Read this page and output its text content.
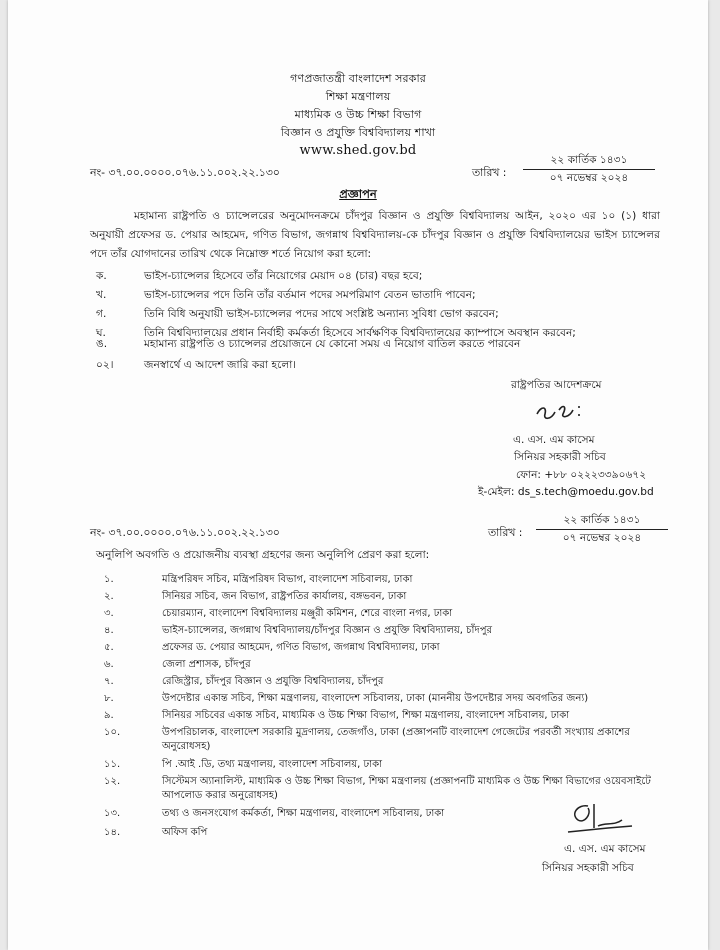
গণপ্রজাতন্ত্রী বাংলাদেশ সরকার
শিক্ষা মন্ত্রণালয়
মাধ্যমিক ও উচ্চ শিক্ষা বিভাগ
বিজ্ঞান ও প্রযুক্তি বিশ্ববিদ্যালয় শাখা
www.shed.gov.bd
নং- ৩৭.০০.০০০০.০৭৬.১১.০০২.২২.১৩০	তারিখ :
২২ কার্তিক ১৪৩১
০৭ নভেম্বর ২০২৪
প্রজ্ঞাপন
মহামান্য রাষ্ট্রপতি ও চ্যান্সেলরের অনুমোদনক্রমে চাঁদপুর বিজ্ঞান ও প্রযুক্তি বিশ্ববিদ্যালয় আইন, ২০২০ এর ১০ (১) ধারা অনুযায়ী প্রফেসর ড. পেয়ার আহমেদ, গণিত বিভাগ, জগন্নাথ বিশ্ববিদ্যালয়-কে চাঁদপুর বিজ্ঞান ও প্রযুক্তি বিশ্ববিদ্যালয়ের ভাইস চ্যান্সেলর পদে তাঁর যোগদানের তারিখ থেকে নিম্নোক্ত শর্তে নিয়োগ করা হলো:
ক.	ভাইস-চ্যান্সেলর হিসেবে তাঁর নিয়োগের মেয়াদ ০৪ (চার) বছর হবে;
খ.	ভাইস-চ্যান্সেলর পদে তিনি তাঁর বর্তমান পদের সমপরিমাণ বেতন ভাতাদি পাবেন;
গ.	তিনি বিধি অনুযায়ী ভাইস-চ্যান্সেলর পদের সাথে সংশ্লিষ্ট অন্যান্য সুবিধা ভোগ করবেন;
ঘ.	তিনি বিশ্ববিদ্যালয়ের প্রধান নির্বাহী কর্মকর্তা হিসেবে সার্বক্ষণিক বিশ্ববিদ্যালয়ের ক্যাম্পাসে অবস্থান করবেন;
ঙ.	মহামান্য রাষ্ট্রপতি ও চ্যান্সেলর প্রয়োজনে যে কোনো সময় এ নিয়োগ বাতিল করতে পারবেন
০২।	জনস্বার্থে এ আদেশ জারি করা হলো।
রাষ্ট্রপতির আদেশক্রমে
এ. এস. এম কাসেম
সিনিয়র সহকারী সচিব
ফোন: +৮৮ ০২২২৩৩৯০৬৭২
ই-মেইল: ds_s.tech@moedu.gov.bd
নং- ৩৭.০০.০০০০.০৭৬.১১.০০২.২২.১৩০	তারিখ :
২২ কার্তিক ১৪৩১
০৭ নভেম্বর ২০২৪
অনুলিপি অবগতি ও প্রয়োজনীয় ব্যবস্থা গ্রহণের জন্য অনুলিপি প্রেরণ করা হলো:
১.	মন্ত্রিপরিষদ সচিব, মন্ত্রিপরিষদ বিভাগ, বাংলাদেশ সচিবালয়, ঢাকা
২.	সিনিয়র সচিব, জন বিভাগ, রাষ্ট্রপতির কার্যালয়, বঙ্গভবন, ঢাকা
৩.	চেয়ারম্যান, বাংলাদেশ বিশ্ববিদ্যালয় মঞ্জুরী কমিশন, শেরে বাংলা নগর, ঢাকা
৪.	ভাইস-চ্যান্সেলর, জগন্নাথ বিশ্ববিদ্যালয়/চাঁদপুর বিজ্ঞান ও প্রযুক্তি বিশ্ববিদ্যালয়, চাঁদপুর
৫.	প্রফেসর ড. পেয়ার আহমেদ, গণিত বিভাগ, জগন্নাথ বিশ্ববিদ্যালয়, ঢাকা
৬.	জেলা প্রশাসক, চাঁদপুর
৭.	রেজিস্ট্রার, চাঁদপুর বিজ্ঞান ও প্রযুক্তি বিশ্ববিদ্যালয়, চাঁদপুর
৮.	উপদেষ্টার একান্ত সচিব, শিক্ষা মন্ত্রণালয়, বাংলাদেশ সচিবালয়, ঢাকা (মাননীয় উপদেষ্টার সদয় অবগতির জন্য)
৯.	সিনিয়র সচিবের একান্ত সচিব, মাধ্যমিক ও উচ্চ শিক্ষা বিভাগ, শিক্ষা মন্ত্রণালয়, বাংলাদেশ সচিবালয়, ঢাকা
১০.	উপপরিচালক, বাংলাদেশ সরকারি মুদ্রণালয়, তেজগাঁও, ঢাকা (প্রজ্ঞাপনটি বাংলাদেশ গেজেটের পরবর্তী সংখ্যায় প্রকাশের অনুরোধসহ)
১১.	পি .আই .ডি, তথ্য মন্ত্রণালয়, বাংলাদেশ সচিবালয়, ঢাকা
১২.	সিস্টেমস অ্যানালিস্ট, মাধ্যমিক ও উচ্চ শিক্ষা বিভাগ, শিক্ষা মন্ত্রণালয় (প্রজ্ঞাপনটি মাধ্যমিক ও উচ্চ শিক্ষা বিভাগের ওয়েবসাইটে আপলোড করার অনুরোধসহ)
১৩.	তথ্য ও জনসংযোগ কর্মকর্তা, শিক্ষা মন্ত্রণালয়, বাংলাদেশ সচিবালয়, ঢাকা
১৪.	অফিস কপি
এ. এস. এম কাসেম
সিনিয়র সহকারী সচিব
